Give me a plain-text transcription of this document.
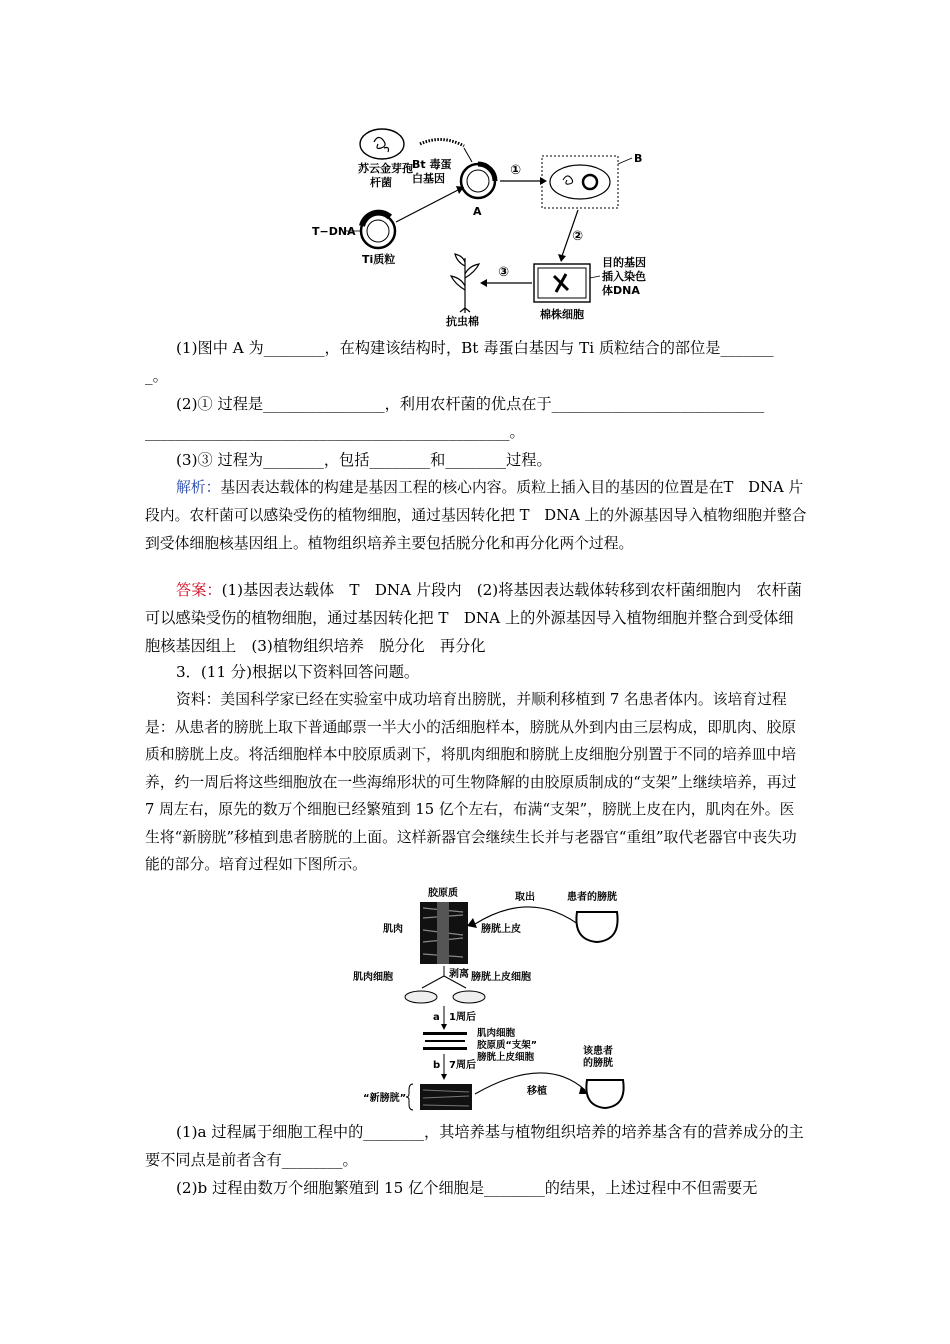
苏云金芽孢
杆菌
Bt 毒蛋
白基因
A
①
B
T−DNA
Ti质粒
②
棉株细胞
目的基因
插入染色
体DNA
③
抗虫棉
(1)图中 A 为________，在构建该结构时，Bt 毒蛋白基因与 Ti 质粒结合的部位是_______
_。
(2)① 过程是________________，利用农杆菌的优点在于____________________________
________________________________________________。
(3)③ 过程为________，包括________和________过程。
解析：基因表达载体的构建是基因工程的核心内容。质粒上插入目的基因的位置是在T　DNA 片段内。农杆菌可以感染受伤的植物细胞，通过基因转化把 T　DNA 上的外源基因导入植物细胞并整合到受体细胞核基因组上。植物组织培养主要包括脱分化和再分化两个过程。
答案：(1)基因表达载体　T　DNA 片段内　(2)将基因表达载体转移到农杆菌细胞内　农杆菌可以感染受伤的植物细胞，通过基因转化把 T　DNA 上的外源基因导入植物细胞并整合到受体细胞核基因组上　(3)植物组织培养　脱分化　再分化
3．(11 分)根据以下资料回答问题。
资料：美国科学家已经在实验室中成功培育出膀胱，并顺利移植到 7 名患者体内。该培育过程是：从患者的膀胱上取下普通邮票一半大小的活细胞样本，膀胱从外到内由三层构成，即肌肉、胶原质和膀胱上皮。将活细胞样本中胶原质剥下，将肌肉细胞和膀胱上皮细胞分别置于不同的培养皿中培养，约一周后将这些细胞放在一些海绵形状的可生物降解的由胶原质制成的“支架”上继续培养，再过 7 周左右，原先的数万个细胞已经繁殖到 15 亿个左右，布满“支架”，膀胱上皮在内，肌肉在外。医生将“新膀胱”移植到患者膀胱的上面。这样新器官会继续生长并与老器官“重组”取代老器官中丧失功能的部分。培育过程如下图所示。
胶原质
肌肉	膀胱上皮
取出	患者的膀胱
剥离
肌肉细胞	膀胱上皮细胞
a 1周后
肌肉细胞
胶原质“支架”
膀胱上皮细胞
b 7周后
“新膀胱”
移植
该患者
的膀胱
(1)a 过程属于细胞工程中的________，其培养基与植物组织培养的培养基含有的营养成分的主要不同点是前者含有________。
(2)b 过程由数万个细胞繁殖到 15 亿个细胞是________的结果，上述过程中不但需要无
